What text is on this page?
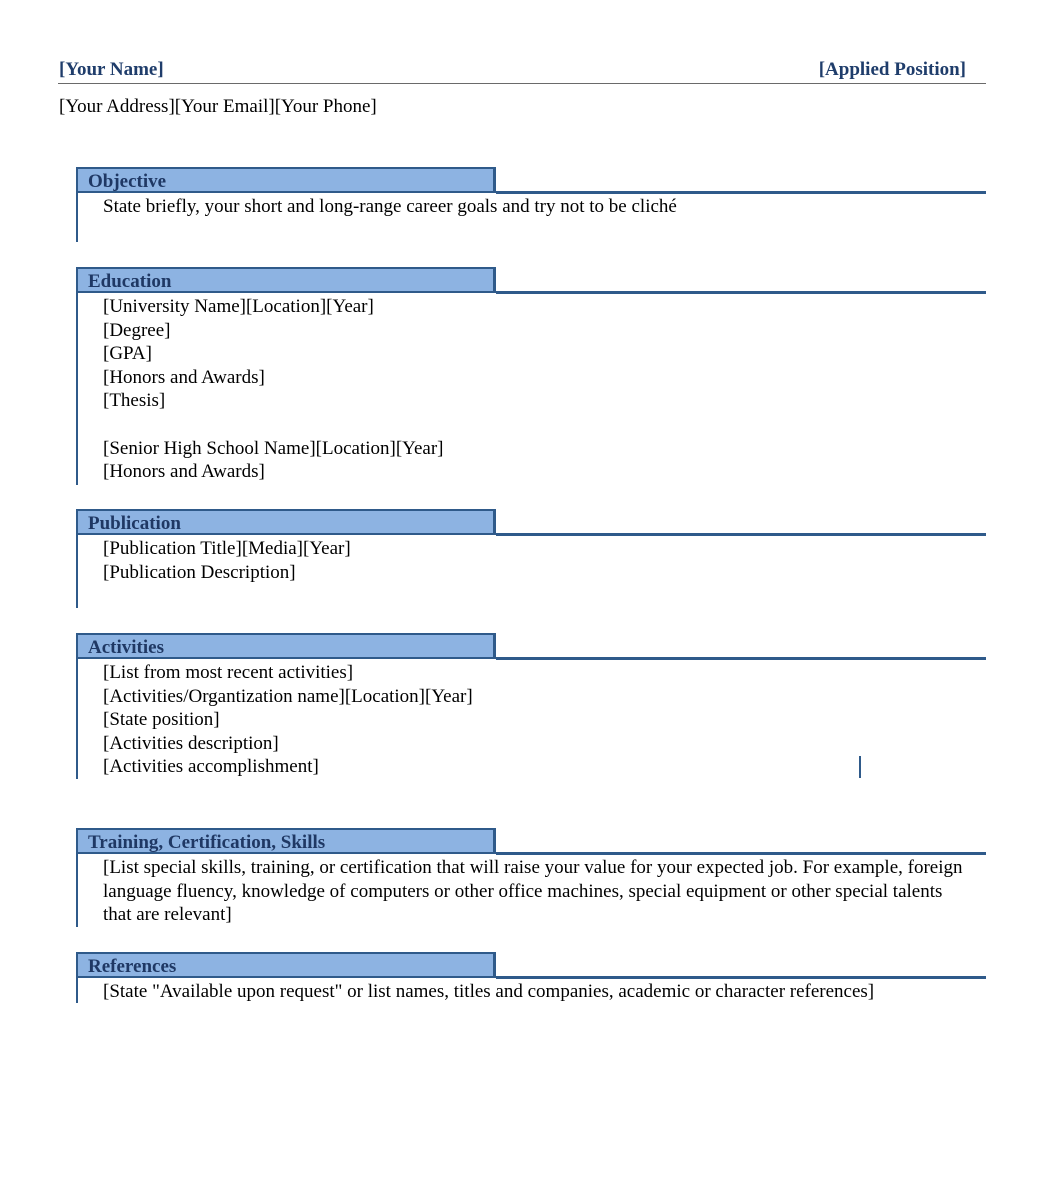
[Your Name]	[Applied Position]
[Your Address][Your Email][Your Phone]
Objective
State briefly, your short and long-range career goals and try not to be cliché
Education
[University Name][Location][Year]
[Degree]
[GPA]
[Honors and Awards]
[Thesis]
[Senior High School Name][Location][Year]
[Honors and Awards]
Publication
[Publication Title][Media][Year]
[Publication Description]
Activities
[List from most recent activities]
[Activities/Organtization name][Location][Year]
[State position]
[Activities description]
[Activities accomplishment]
Training, Certification, Skills
[List special skills, training, or certification that will raise your value for your expected job. For example, foreign language fluency, knowledge of computers or other office machines, special equipment or other special talents that are relevant]
References
[State "Available upon request" or list names, titles and companies, academic or character references]
